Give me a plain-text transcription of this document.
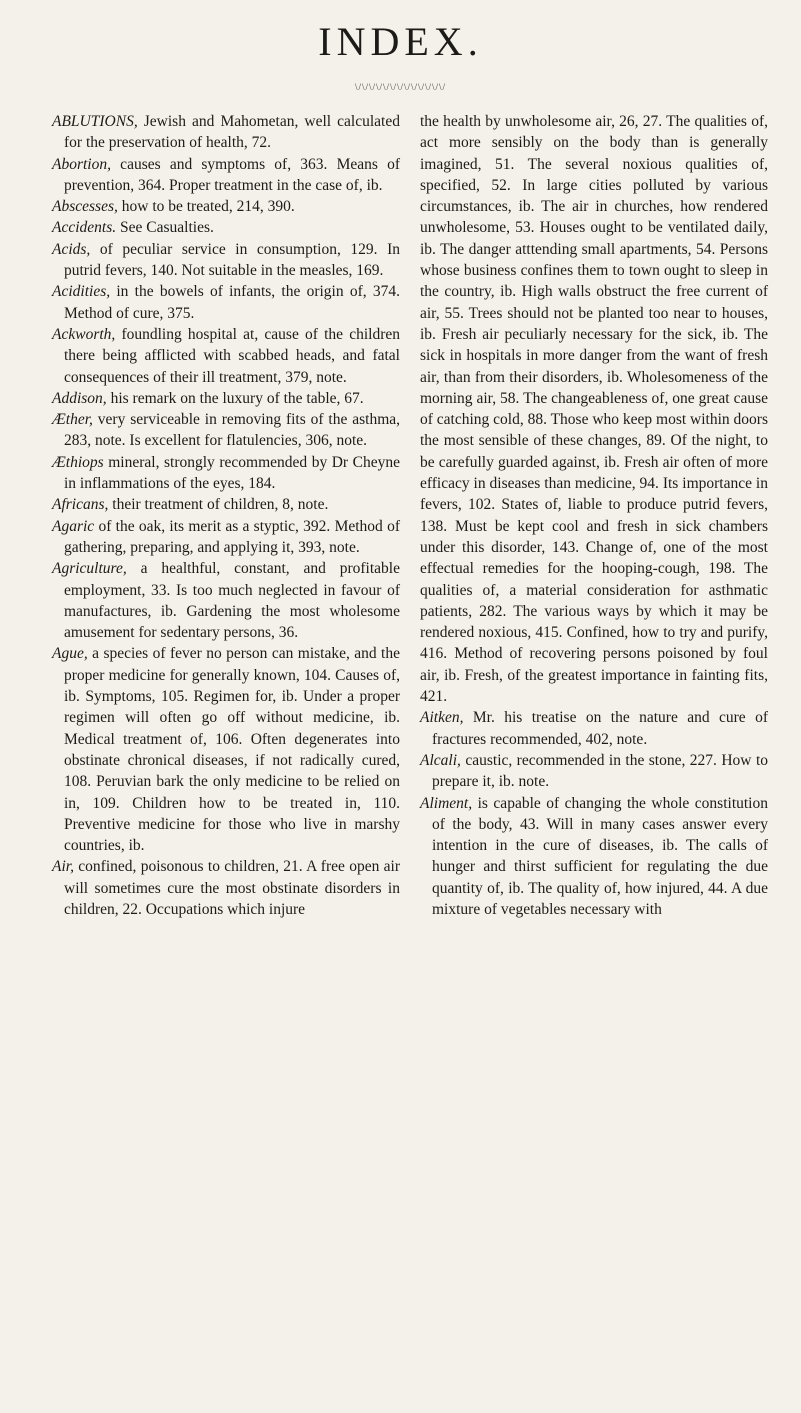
INDEX.
\/\/\/\/\/\/\/\/\/\/\/\/\/

ABLUTIONS, Jewish and Mahometan, well calculated for the preservation of health, 72.

Abortion, causes and symptoms of, 363. Means of prevention, 364. Proper treatment in the case of, ib.

Abscesses, how to be treated, 214, 390.

Accidents. See Casualties.

Acids, of peculiar service in consumption, 129. In putrid fevers, 140. Not suitable in the measles, 169.

Acidities, in the bowels of infants, the origin of, 374. Method of cure, 375.

Ackworth, foundling hospital at, cause of the children there being afflicted with scabbed heads, and fatal consequences of their ill treatment, 379, note.

Addison, his remark on the luxury of the table, 67.

Æther, very serviceable in removing fits of the asthma, 283, note. Is excellent for flatulencies, 306, note.

Æthiops mineral, strongly recommended by Dr Cheyne in inflammations of the eyes, 184.

Africans, their treatment of children, 8, note.

Agaric of the oak, its merit as a styptic, 392. Method of gathering, preparing, and applying it, 393, note.

Agriculture, a healthful, constant, and profitable employment, 33. Is too much neglected in favour of manufactures, ib. Gardening the most wholesome amusement for sedentary persons, 36.

Ague, a species of fever no person can mistake, and the proper medicine for generally known, 104. Causes of, ib. Symptoms, 105. Regimen for, ib. Under a proper regimen will often go off without medicine, ib. Medical treatment of, 106. Often degenerates into obstinate chronical diseases, if not radically cured, 108. Peruvian bark the only medicine to be relied on in, 109. Children how to be treated in, 110. Preventive medicine for those who live in marshy countries, ib.

Air, confined, poisonous to children, 21. A free open air will sometimes cure the most obstinate disorders in children, 22. Occupations which injure

the health by unwholesome air, 26, 27. The qualities of, act more sensibly on the body than is generally imagined, 51. The several noxious qualities of, specified, 52. In large cities polluted by various circumstances, ib. The air in churches, how rendered unwholesome, 53. Houses ought to be ventilated daily, ib. The danger atttending small apartments, 54. Persons whose business confines them to town ought to sleep in the country, ib. High walls obstruct the free current of air, 55. Trees should not be planted too near to houses, ib. Fresh air peculiarly necessary for the sick, ib. The sick in hospitals in more danger from the want of fresh air, than from their disorders, ib. Wholesomeness of the morning air, 58. The changeableness of, one great cause of catching cold, 88. Those who keep most within doors the most sensible of these changes, 89. Of the night, to be carefully guarded against, ib. Fresh air often of more efficacy in diseases than medicine, 94. Its importance in fevers, 102. States of, liable to produce putrid fevers, 138. Must be kept cool and fresh in sick chambers under this disorder, 143. Change of, one of the most effectual remedies for the hooping-cough, 198. The qualities of, a material consideration for asthmatic patients, 282. The various ways by which it may be rendered noxious, 415. Confined, how to try and purify, 416. Method of recovering persons poisoned by foul air, ib. Fresh, of the greatest importance in fainting fits, 421.

Aitken, Mr. his treatise on the nature and cure of fractures recommended, 402, note.

Alcali, caustic, recommended in the stone, 227. How to prepare it, ib. note.

Aliment, is capable of changing the whole constitution of the body, 43. Will in many cases answer every intention in the cure of diseases, ib. The calls of hunger and thirst sufficient for regulating the due quantity of, ib. The quality of, how injured, 44. A due mixture of vegetables necessary with
